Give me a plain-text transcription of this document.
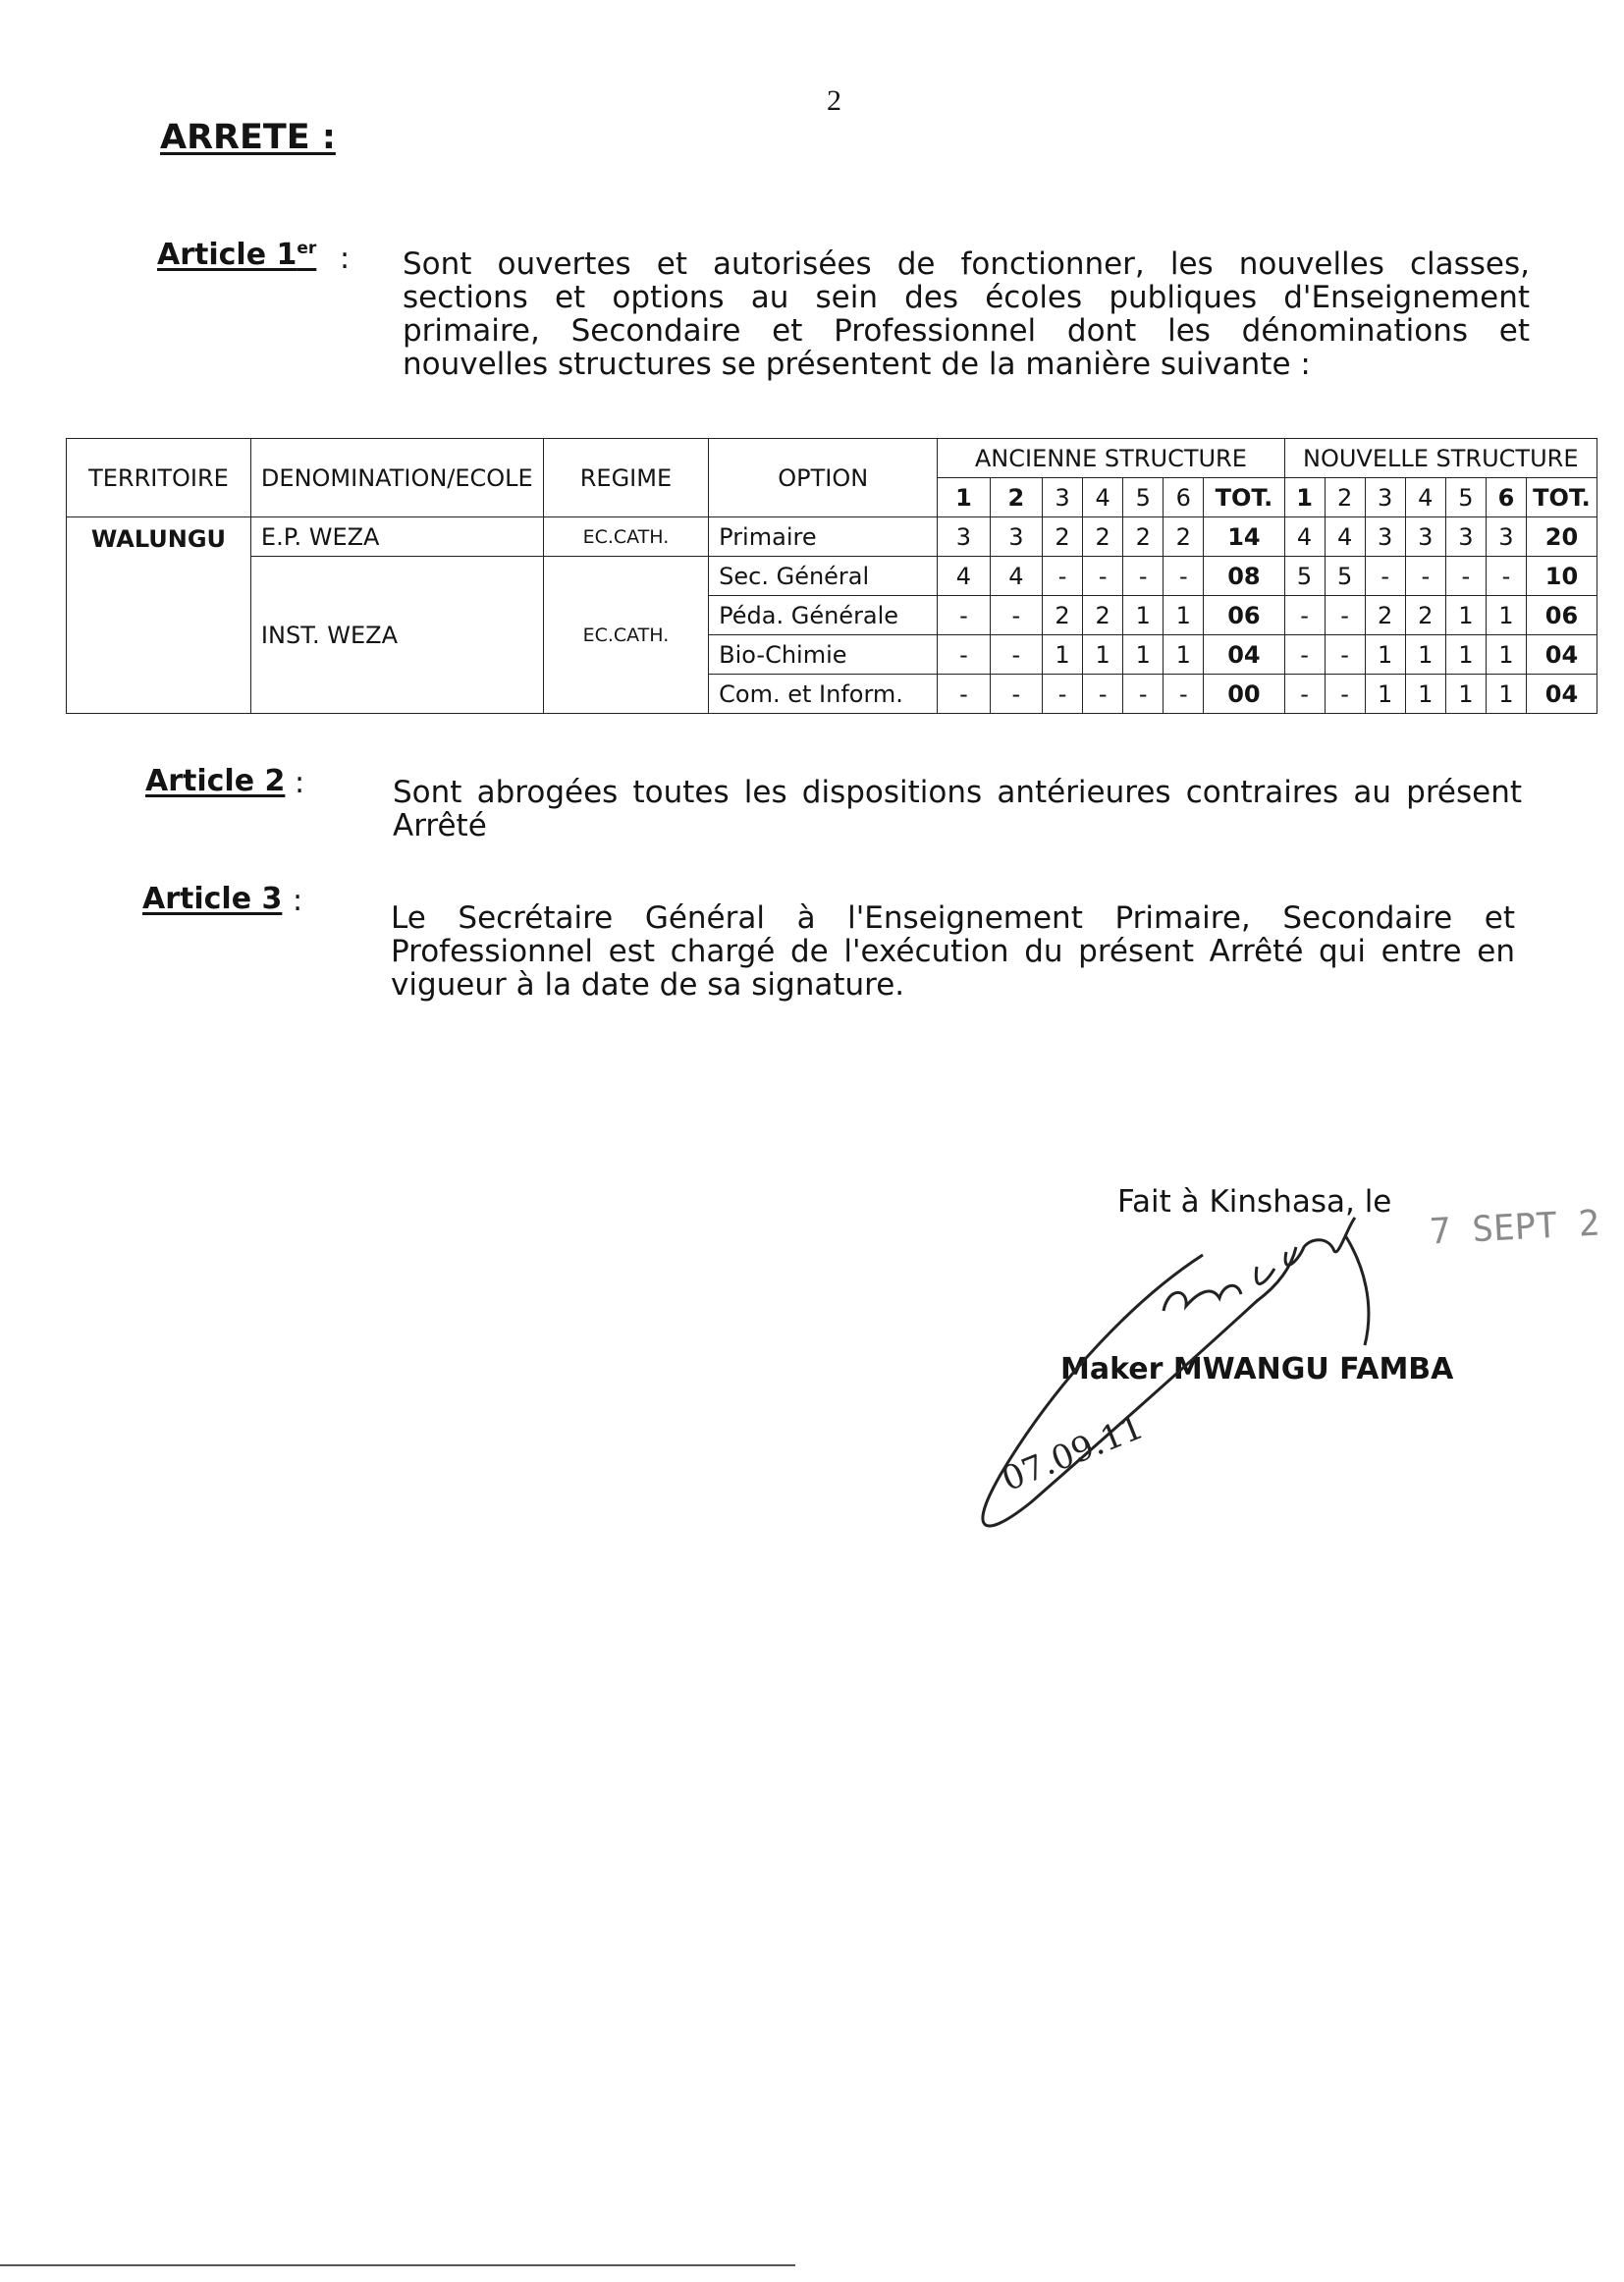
2
ARRETE :
Article 1er : Sont ouvertes et autorisées de fonctionner, les nouvelles classes, sections et options au sein des écoles publiques d'Enseignement primaire, Secondaire et Professionnel dont les dénominations et nouvelles structures se présentent de la manière suivante :
TERRITOIRE	DENOMINATION/ECOLE	REGIME	OPTION	ANCIENNE STRUCTURE							NOUVELLE STRUCTURE						
				1	2	3	4	5	6	TOT.	1	2	3	4	5	6	TOT.
WALUNGU	E.P. WEZA	EC.CATH.	Primaire	3	3	2	2	2	2	14	4	4	3	3	3	3	20
	INST. WEZA	EC.CATH.	Sec. Général	4	4	-	-	-	-	08	5	5	-	-	-	-	10
			Péda. Générale	-	-	2	2	1	1	06	-	-	2	2	1	1	06
			Bio-Chimie	-	-	1	1	1	1	04	-	-	1	1	1	1	04
			Com. et Inform.	-	-	-	-	-	-	00	-	-	1	1	1	1	04
Article 2 :	Sont abrogées toutes les dispositions antérieures contraires au présent Arrêté
Article 3 :	Le Secrétaire Général à l'Enseignement Primaire, Secondaire et Professionnel est chargé de l'exécution du présent Arrêté qui entre en vigueur à la date de sa signature.
Fait à Kinshasa, le
7 SEPT 2
Maker MWANGU FAMBA
07.09.11
